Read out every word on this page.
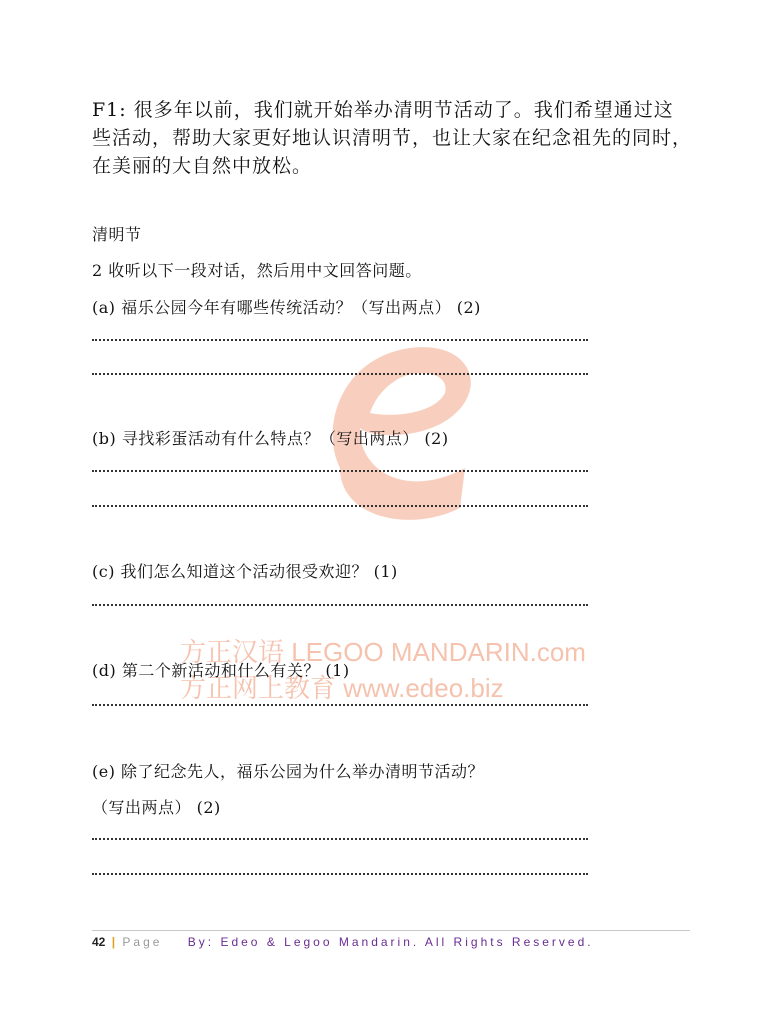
F1: 很多年以前，我们就开始举办清明节活动了。我们希望通过这些活动，帮助大家更好地认识清明节，也让大家在纪念祖先的同时，在美丽的大自然中放松。
清明节
2 收听以下一段对话，然后用中文回答问题。
(a) 福乐公园今年有哪些传统活动？（写出两点） (2)
(b) 寻找彩蛋活动有什么特点？（写出两点） (2)
(c) 我们怎么知道这个活动很受欢迎？ (1)
方正汉语 LEGOO MANDARIN.com
方正网上教育 www.edeo.biz
(d) 第二个新活动和什么有关？ (1)
(e) 除了纪念先人，福乐公园为什么举办清明节活动？
（写出两点） (2)
42 | Page By: Edeo & Legoo Mandarin. All Rights Reserved.
